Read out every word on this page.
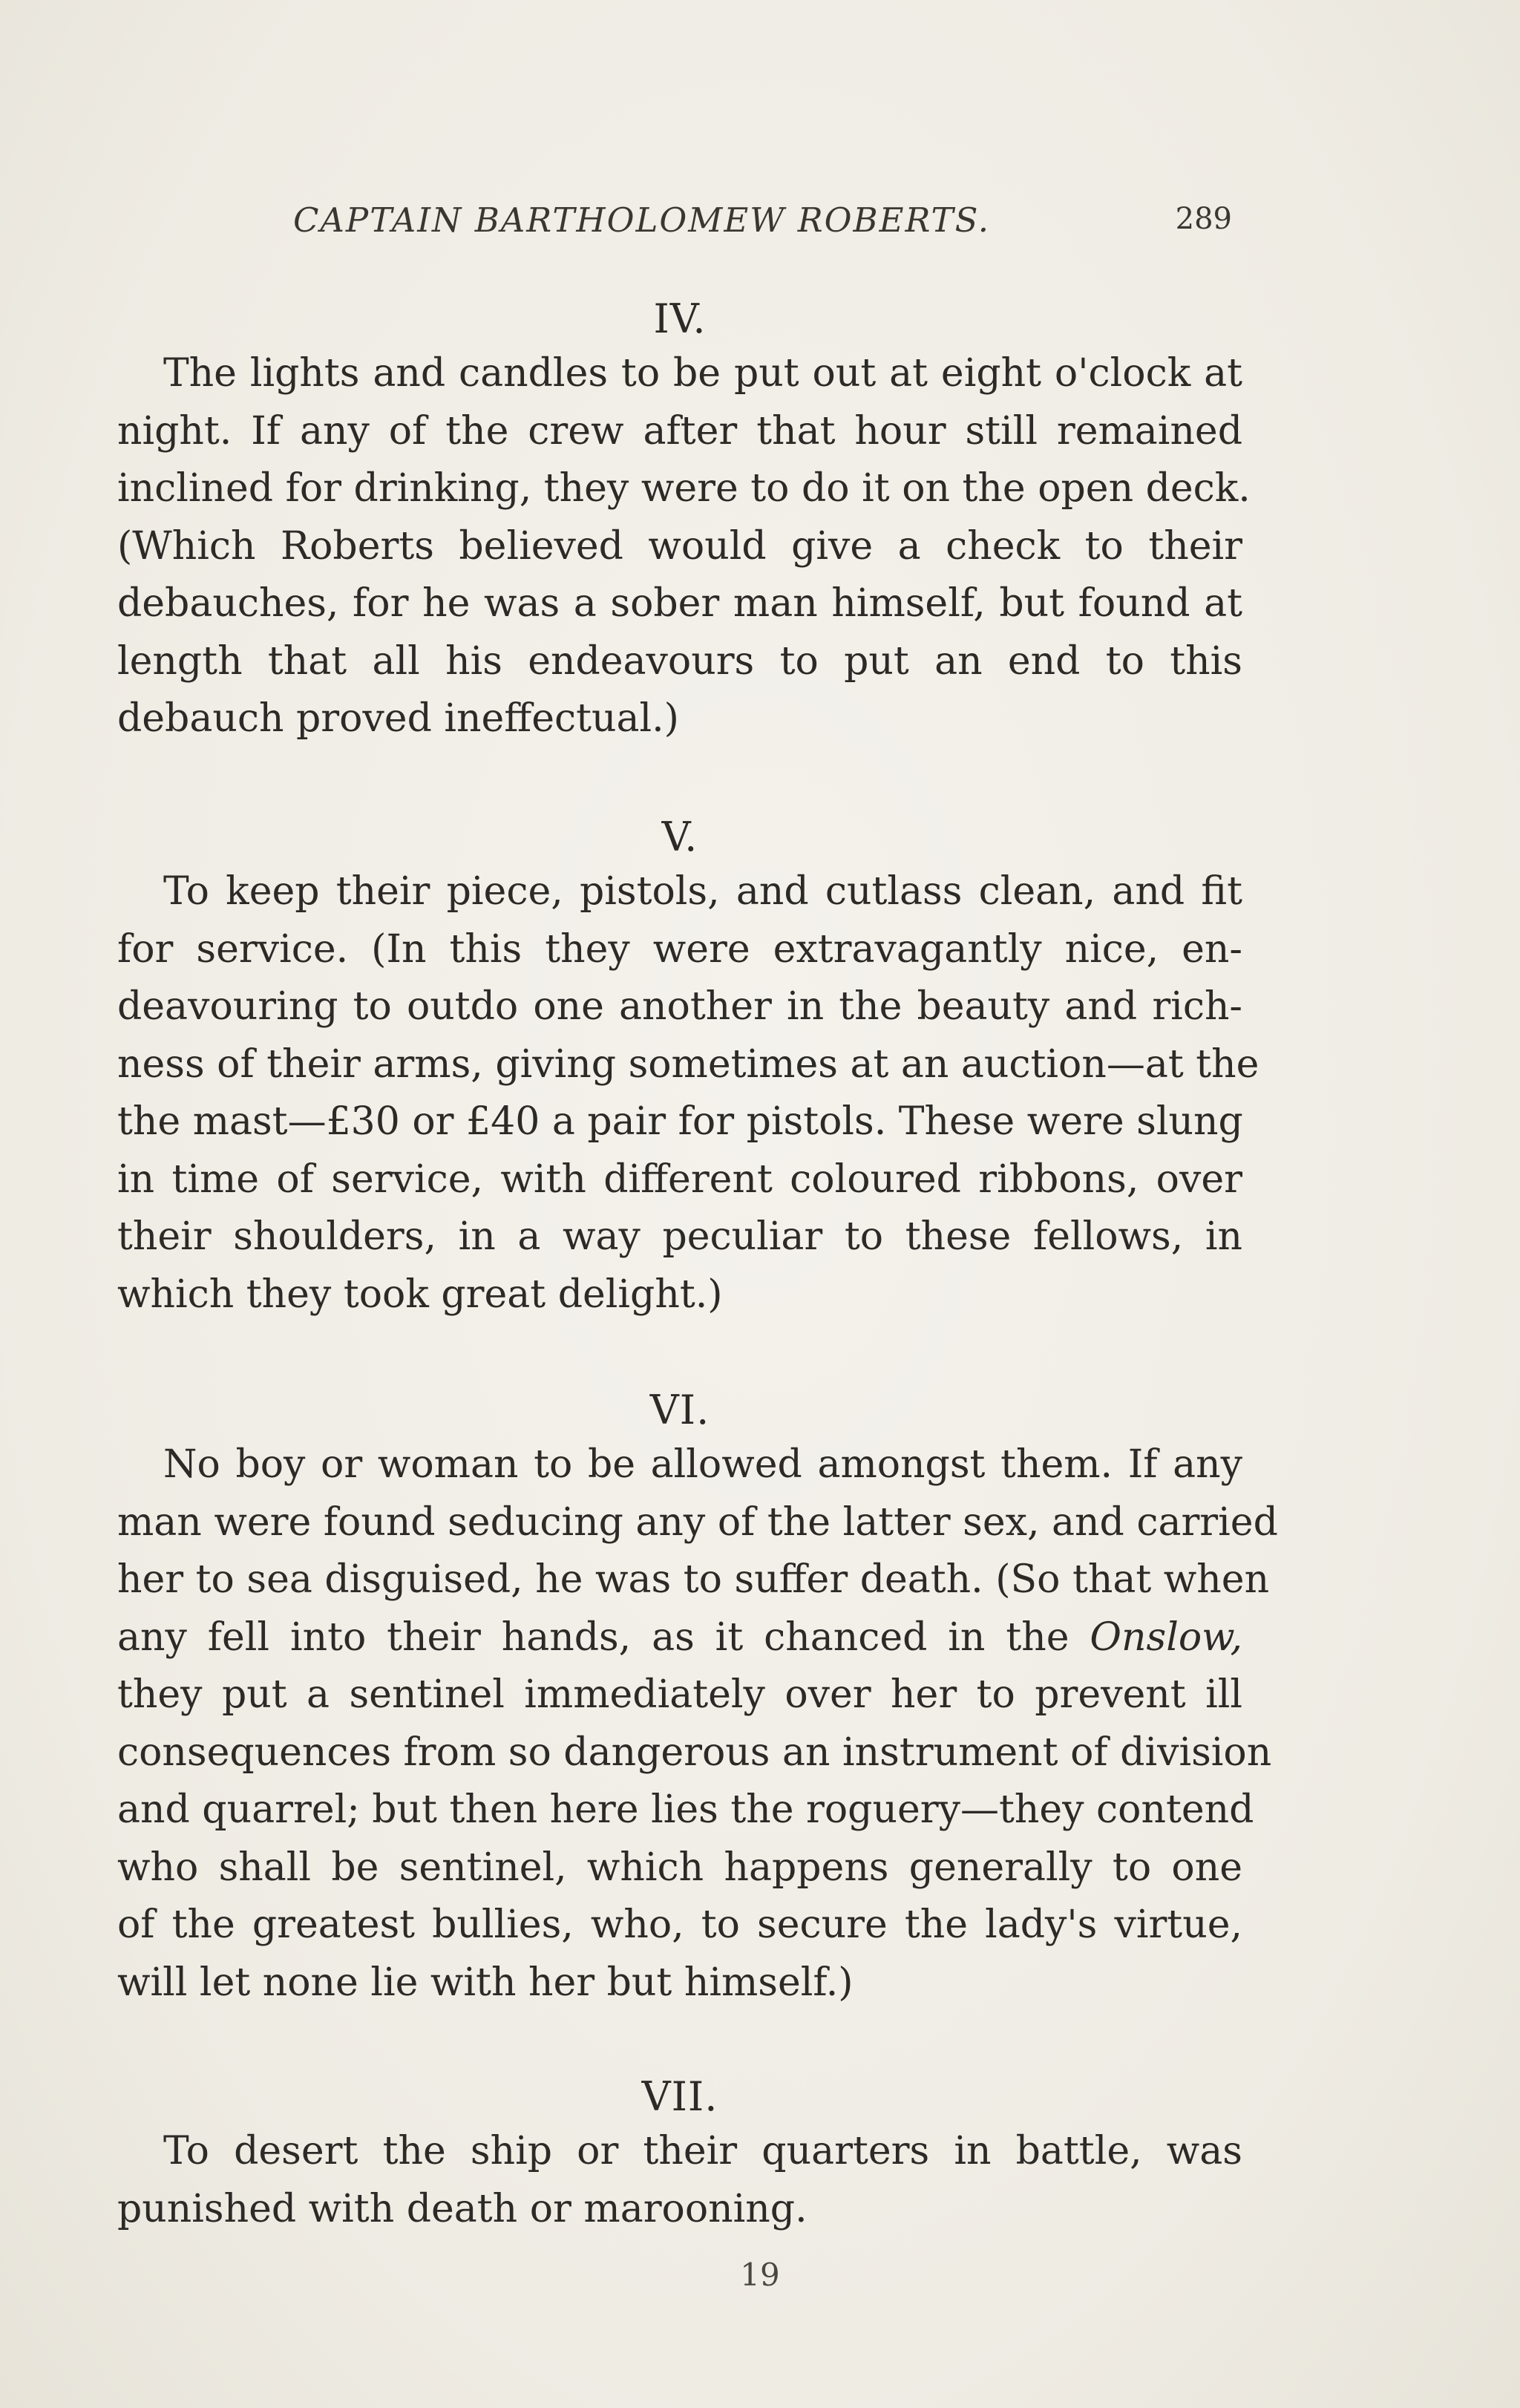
CAPTAIN BARTHOLOMEW ROBERTS.	289

IV.

The lights and candles to be put out at eight o'clock at
night. If any of the crew after that hour still remained
inclined for drinking, they were to do it on the open deck.
(Which Roberts believed would give a check to their
debauches, for he was a sober man himself, but found at
length that all his endeavours to put an end to this
debauch proved ineffectual.)

V.

To keep their piece, pistols, and cutlass clean, and fit
for service. (In this they were extravagantly nice, en-
deavouring to outdo one another in the beauty and rich-
ness of their arms, giving sometimes at an auction—at the
the mast—£30 or £40 a pair for pistols. These were slung
in time of service, with different coloured ribbons, over
their shoulders, in a way peculiar to these fellows, in
which they took great delight.)

VI.

No boy or woman to be allowed amongst them. If any
man were found seducing any of the latter sex, and carried
her to sea disguised, he was to suffer death. (So that when
any fell into their hands, as it chanced in the Onslow,
they put a sentinel immediately over her to prevent ill
consequences from so dangerous an instrument of division
and quarrel; but then here lies the roguery—they contend
who shall be sentinel, which happens generally to one
of the greatest bullies, who, to secure the lady's virtue,
will let none lie with her but himself.)

VII.

To desert the ship or their quarters in battle, was
punished with death or marooning.

19
